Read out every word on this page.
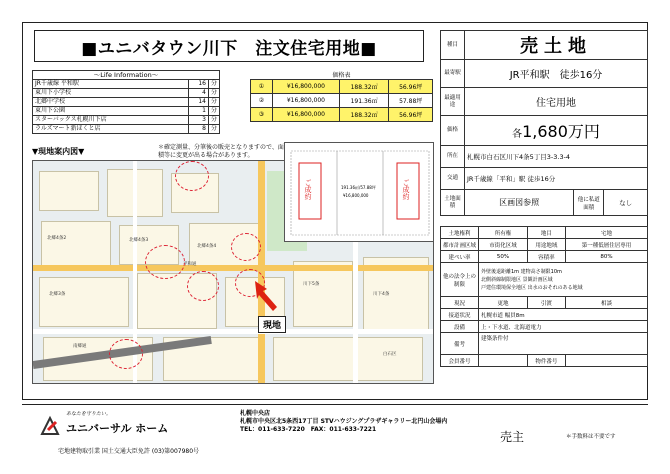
■ユニバタウン川下　注文住宅用地■
〜Life Information〜		
JR千歳線 平和駅	16	分
東川下小学校	4	分
北郷中学校	14	分
東川下公園	1	分
スターバックス札幌川下店	3	分
ラルズマート新ほくと店	8	分
価格表			
①	¥16,800,000	188.32㎡	56.96坪
②	¥16,800,000	191.36㎡	57.88坪
③	¥16,800,000	188.32㎡	56.96坪
＊確定測量、分筆後の販売となりますので、面積等に変更が出る場合があります。
▼現地案内図▼
北郷4条2	北郷4条3
北郷4条4
北郷3条
川下5条
川下4条
平和通
白石区
南郷通
現地
ご成約	ご成約
191.36㎡/57.88坪
¥16,800,000
種目	売土地		
最寄駅	JR平和駅　徒歩16分		
最適用途	住宅用地		
価格	各1,680万円		
所在	札幌市白石区川下4条5丁目3-3.3-4		
交通	JR千歳線「平和」駅 徒歩16分		
土地面積	区画図参照	他に私道面積	なし
土地権利	所有権	地目	宅地
都市計画区域	市街化区域	用途地域	第一種低層住居専用
建ぺい率	50%	容積率	80%
他の法令上の制限	外壁後退距離1m 建物高さ制限10m
北側斜線制限地区 景観計画区域
戸建住環境保全地区 出水のおそれのある地域		

現況	更地	引渡	相談
接道状況	札幌市道 幅員8m		
設備	上・下水道、北海道電力		
備考	建築条件付		
会員番号		物件番号	
あなたを守りたい。
ユニバーサル ホーム
札幌中央店
札幌市中央区北5条西17丁目 STVハウジングプラザギャラリー北円山会場内
TEL：011-633-7220　FAX：011-633-7221
売主	＊手数料は不要です
宅地建物取引業 国土交通大臣免許 (03)第007980号
